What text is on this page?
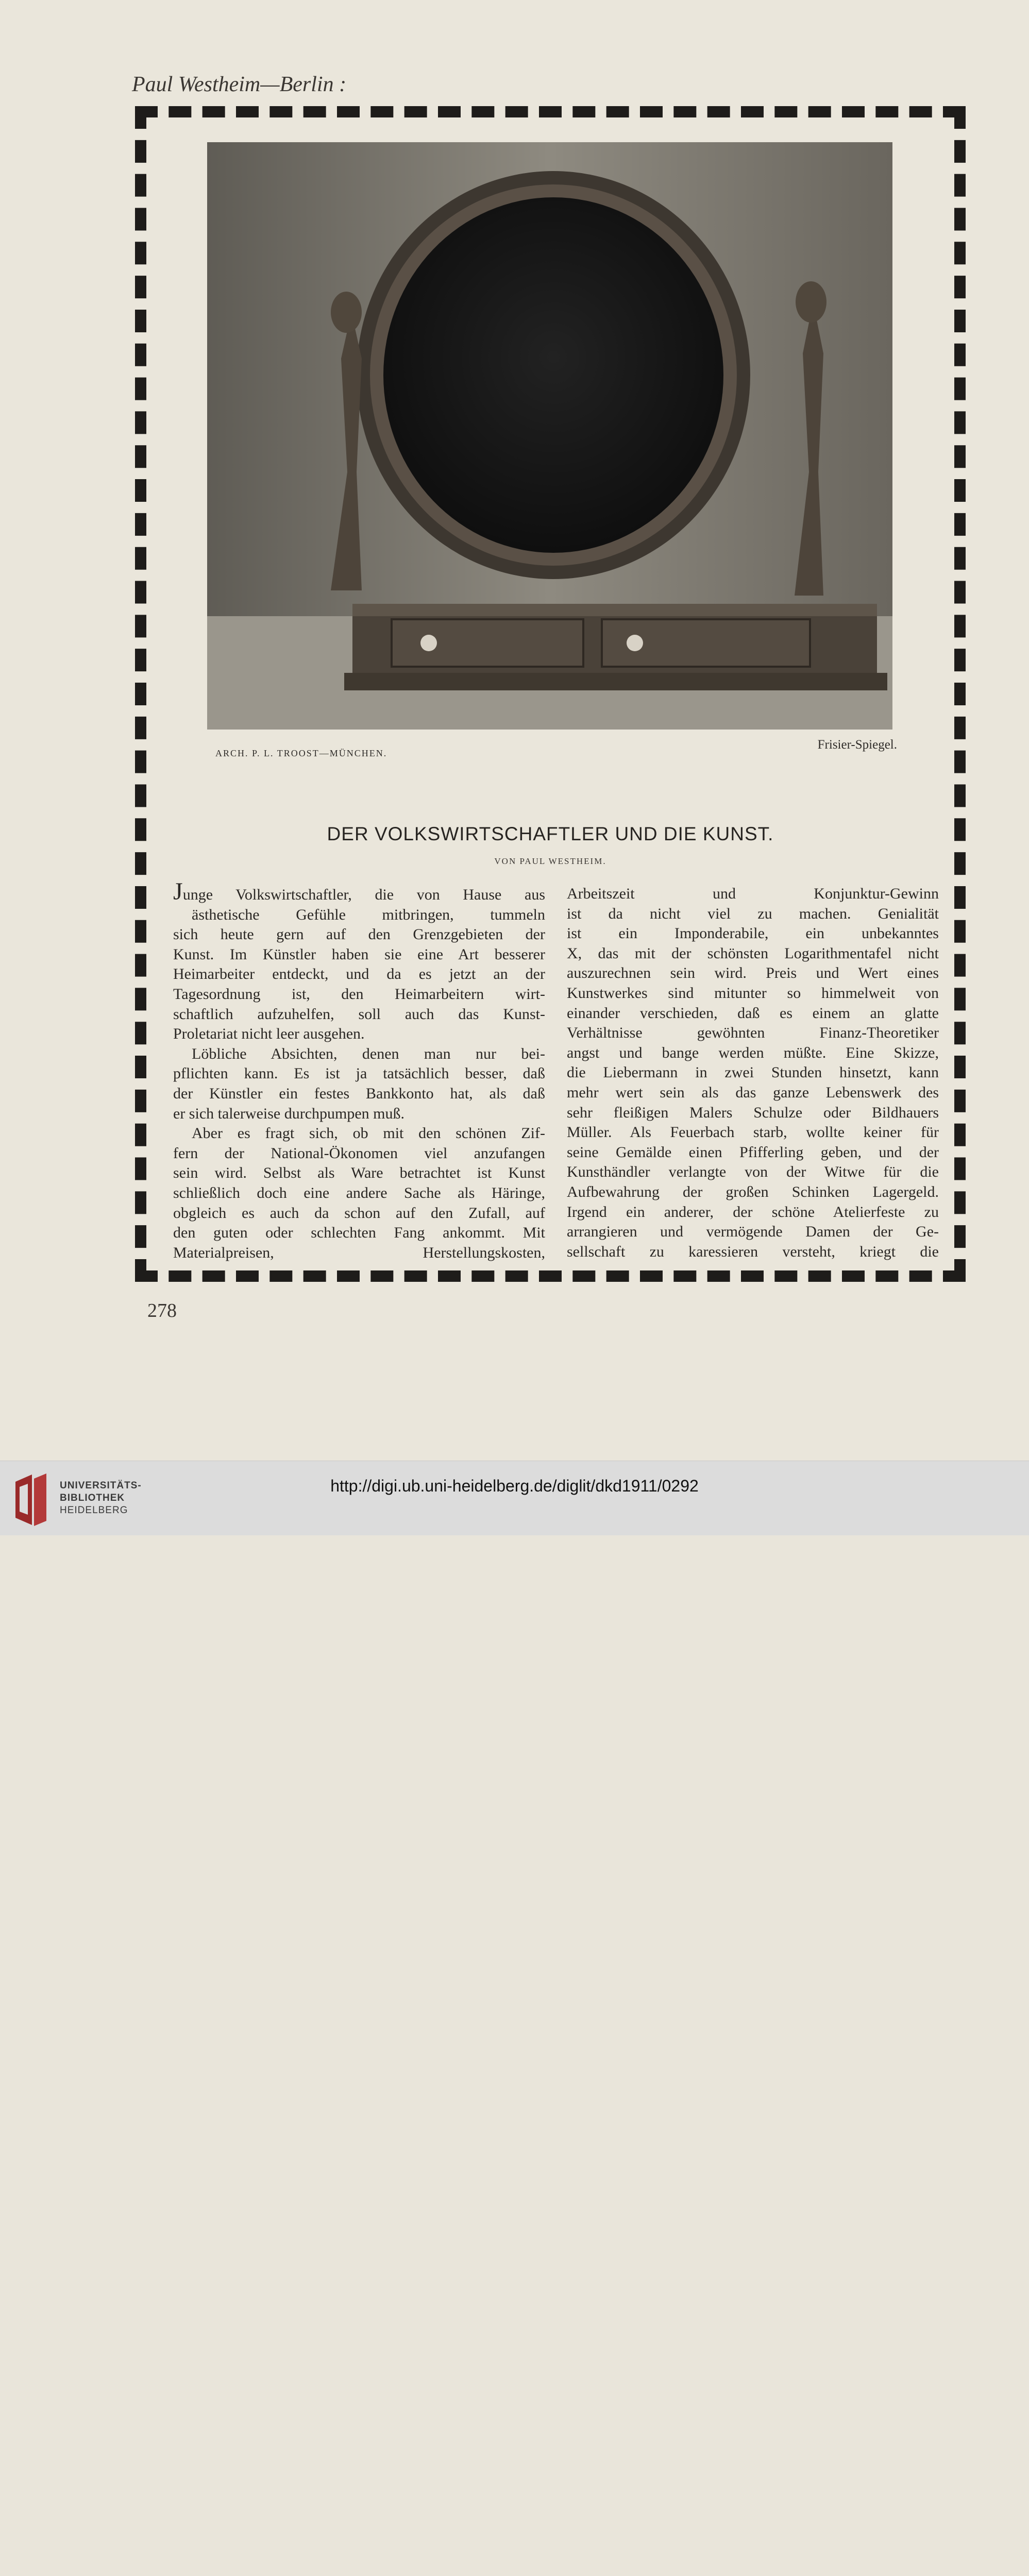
Paul Westheim—Berlin :
ARCH. P. L. TROOST—MÜNCHEN.
Frisier-Spiegel.
DER VOLKSWIRTSCHAFTLER UND DIE KUNST.
VON PAUL WESTHEIM.
Junge Volkswirtschaftler, die von Hause aus
ästhetische Gefühle mitbringen, tummeln
sich heute gern auf den Grenzgebieten der
Kunst. Im Künstler haben sie eine Art besserer
Heimarbeiter entdeckt, und da es jetzt an der
Tagesordnung ist, den Heimarbeitern wirt-
schaftlich aufzuhelfen, soll auch das Kunst-
Proletariat nicht leer ausgehen.
Löbliche Absichten, denen man nur bei-
pflichten kann. Es ist ja tatsächlich besser, daß
der Künstler ein festes Bankkonto hat, als daß
er sich talerweise durchpumpen muß.
Aber es fragt sich, ob mit den schönen Zif-
fern der National-Ökonomen viel anzufangen
sein wird. Selbst als Ware betrachtet ist Kunst
schließlich doch eine andere Sache als Häringe,
obgleich es auch da schon auf den Zufall, auf
den guten oder schlechten Fang ankommt. Mit
Materialpreisen, Herstellungskosten,
Arbeitszeit und Konjunktur-Gewinn
ist da nicht viel zu machen. Genialität
ist ein Imponderabile, ein unbekanntes
X, das mit der schönsten Logarithmentafel nicht
auszurechnen sein wird. Preis und Wert eines
Kunstwerkes sind mitunter so himmelweit von
einander verschieden, daß es einem an glatte
Verhältnisse gewöhnten Finanz-Theoretiker
angst und bange werden müßte. Eine Skizze,
die Liebermann in zwei Stunden hinsetzt, kann
mehr wert sein als das ganze Lebenswerk des
sehr fleißigen Malers Schulze oder Bildhauers
Müller. Als Feuerbach starb, wollte keiner für
seine Gemälde einen Pfifferling geben, und der
Kunsthändler verlangte von der Witwe für die
Aufbewahrung der großen Schinken Lagergeld.
Irgend ein anderer, der schöne Atelierfeste zu
arrangieren und vermögende Damen der Ge-
sellschaft zu karessieren versteht, kriegt die
278
UNIVERSITÄTS-
BIBLIOTHEK
HEIDELBERG
http://digi.ub.uni-heidelberg.de/diglit/dkd1911/0292
